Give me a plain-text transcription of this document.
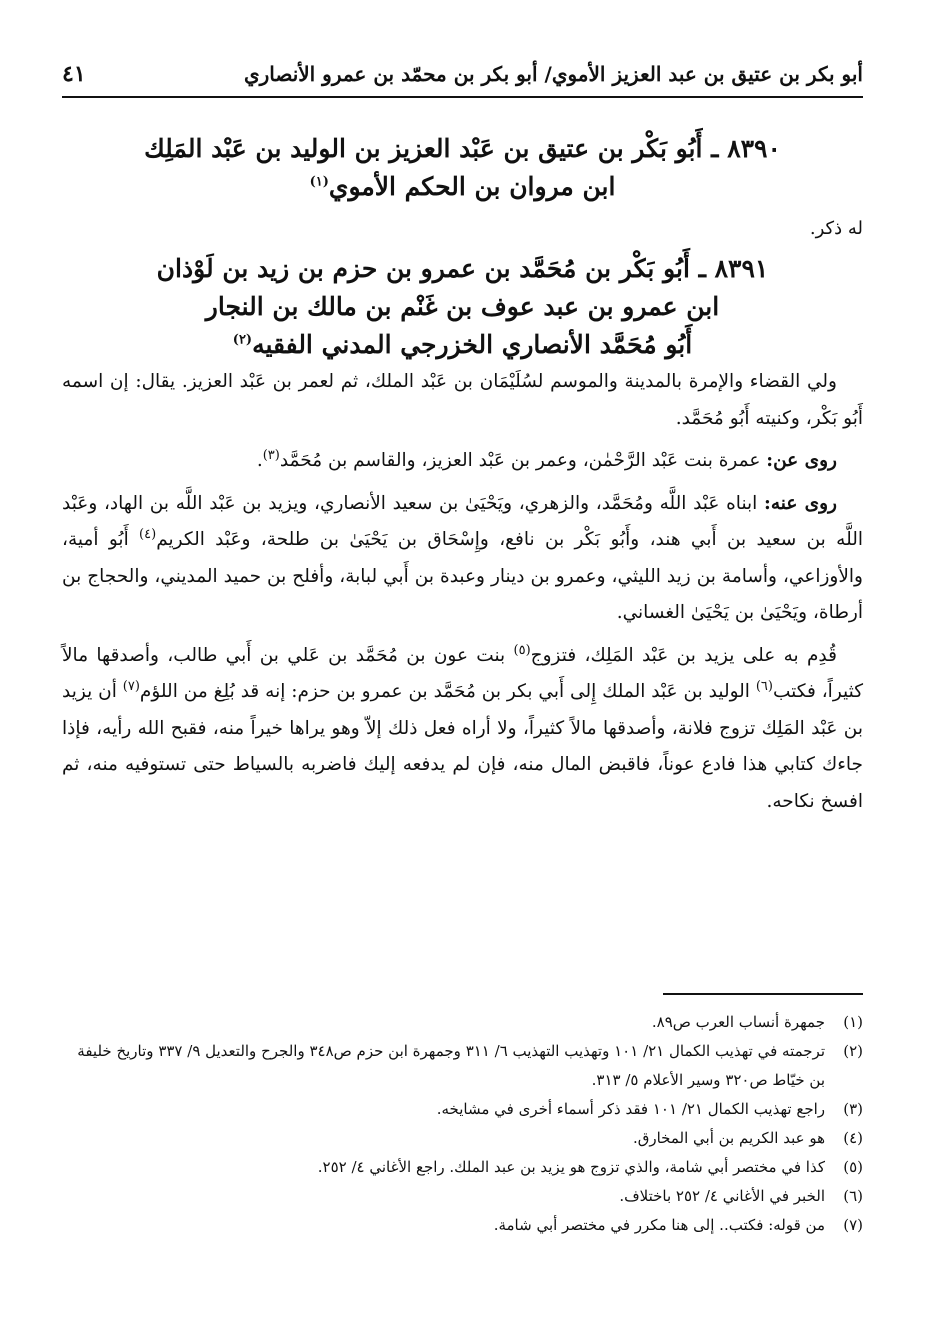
أبو بكر بن عتيق بن عبد العزيز الأموي/ أبو بكر بن محمّد بن عمرو الأنصاري
٤١
٨٣٩٠ ـ أَبُو بَكْر بن عتيق بن عَبْد العزيز بن الوليد بن عَبْد المَلِك
ابن مروان بن الحكم الأموي$^{(١)}$
له ذكر.
٨٣٩١ ـ أَبُو بَكْر بن مُحَمَّد بن عمرو بن حزم بن زيد بن لَوْذان
ابن عمرو بن عبد عوف بن غَنْم بن مالك بن النجار
أَبُو مُحَمَّد الأنصاري الخزرجي المدني الفقيه$^{(٢)}$

ولي القضاء والإمرة بالمدينة والموسم لسُلَيْمَان بن عَبْد الملك، ثم لعمر بن عَبْد العزيز. يقال: إن اسمه أَبُو بَكْر، وكنيته أَبُو مُحَمَّد.

روى عن: عمرة بنت عَبْد الرَّحْمٰن، وعمر بن عَبْد العزيز، والقاسم بن مُحَمَّد$^{(٣)}$.

روى عنه: ابناه عَبْد اللَّه ومُحَمَّد، والزهري، ويَحْيَىٰ بن سعيد الأنصاري، ويزيد بن عَبْد اللَّه بن الهاد، وعَبْد اللَّه بن سعيد بن أَبي هند، وأَبُو بَكْر بن نافع، وإِسْحَاق بن يَحْيَىٰ بن طلحة، وعَبْد الكريم$^{(٤)}$ أَبُو أمية، والأوزاعي، وأسامة بن زيد الليثي، وعمرو بن دينار وعبدة بن أَبي لبابة، وأفلح بن حميد المديني، والحجاج بن أرطاة، ويَحْيَىٰ بن يَحْيَىٰ الغساني.

قُدِم به على يزيد بن عَبْد المَلِك، فتزوج$^{(٥)}$ بنت عون بن مُحَمَّد بن عَلي بن أَبي طالب، وأصدقها مالاً كثيراً، فكتب$^{(٦)}$ الوليد بن عَبْد الملك إِلى أَبي بكر بن مُحَمَّد بن عمرو بن حزم: إنه قد بُلِغ من اللؤم$^{(٧)}$ أن يزيد بن عَبْد المَلِك تزوج فلانة، وأصدقها مالاً كثيراً، ولا أراه فعل ذلك إلاّ وهو يراها خيراً منه، فقبح الله رأيه، فإذا جاءك كتابي هذا فادع عوناً، فاقبض المال منه، فإن لم يدفعه إليك فاضربه بالسياط حتى تستوفيه منه، ثم افسخ نكاحه.

(١)
جمهرة أنساب العرب ص٨٩.
(٢)
ترجمته في تهذيب الكمال ٢١/ ١٠١ وتهذيب التهذيب ٦/ ٣١١ وجمهرة ابن حزم ص٣٤٨ والجرح والتعديل ٩/ ٣٣٧ وتاريخ خليفة بن خيّاط ص٣٢٠ وسير الأعلام ٥/ ٣١٣.
(٣)
راجع تهذيب الكمال ٢١/ ١٠١ فقد ذكر أسماء أخرى في مشايخه.
(٤)
هو عبد الكريم بن أبي المخارق.
(٥)
كذا في مختصر أبي شامة، والذي تزوج هو يزيد بن عبد الملك. راجع الأغاني ٤/ ٢٥٢.
(٦)
الخبر في الأغاني ٤/ ٢٥٢ باختلاف.
(٧)
من قوله: فكتب.. إلى هنا مكرر في مختصر أبي شامة.
